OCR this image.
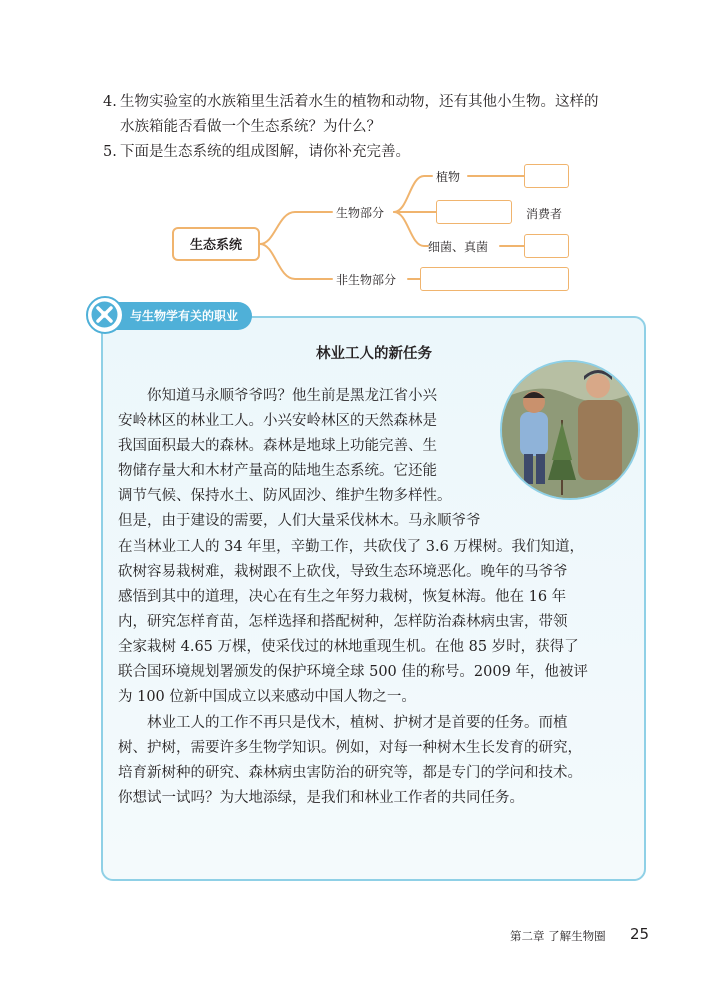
4. 生物实验室的水族箱里生活着水生的植物和动物，还有其他小生物。这样的
水族箱能否看做一个生态系统？为什么？
5. 下面是生态系统的组成图解，请你补充完善。
生态系统
生物部分
非生物部分
植物
消费者
细菌、真菌
与生物学有关的职业
林业工人的新任务
　　你知道马永顺爷爷吗？他生前是黑龙江省小兴
安岭林区的林业工人。小兴安岭林区的天然森林是
我国面积最大的森林。森林是地球上功能完善、生
物储存量大和木材产量高的陆地生态系统。它还能
调节气候、保持水土、防风固沙、维护生物多样性。
但是，由于建设的需要，人们大量采伐林木。马永顺爷爷
在当林业工人的 34 年里，辛勤工作，共砍伐了 3.6 万棵树。我们知道，
砍树容易栽树难，栽树跟不上砍伐，导致生态环境恶化。晚年的马爷爷
感悟到其中的道理，决心在有生之年努力栽树，恢复林海。他在 16 年
内，研究怎样育苗，怎样选择和搭配树种，怎样防治森林病虫害，带领
全家栽树 4.65 万棵，使采伐过的林地重现生机。在他 85 岁时，获得了
联合国环境规划署颁发的保护环境全球 500 佳的称号。2009 年，他被评
为 100 位新中国成立以来感动中国人物之一。
　　林业工人的工作不再只是伐木，植树、护树才是首要的任务。而植
树、护树，需要许多生物学知识。例如，对每一种树木生长发育的研究，
培育新树种的研究、森林病虫害防治的研究等，都是专门的学问和技术。
你想试一试吗？为大地添绿，是我们和林业工作者的共同任务。
第二章 了解生物圈 25
